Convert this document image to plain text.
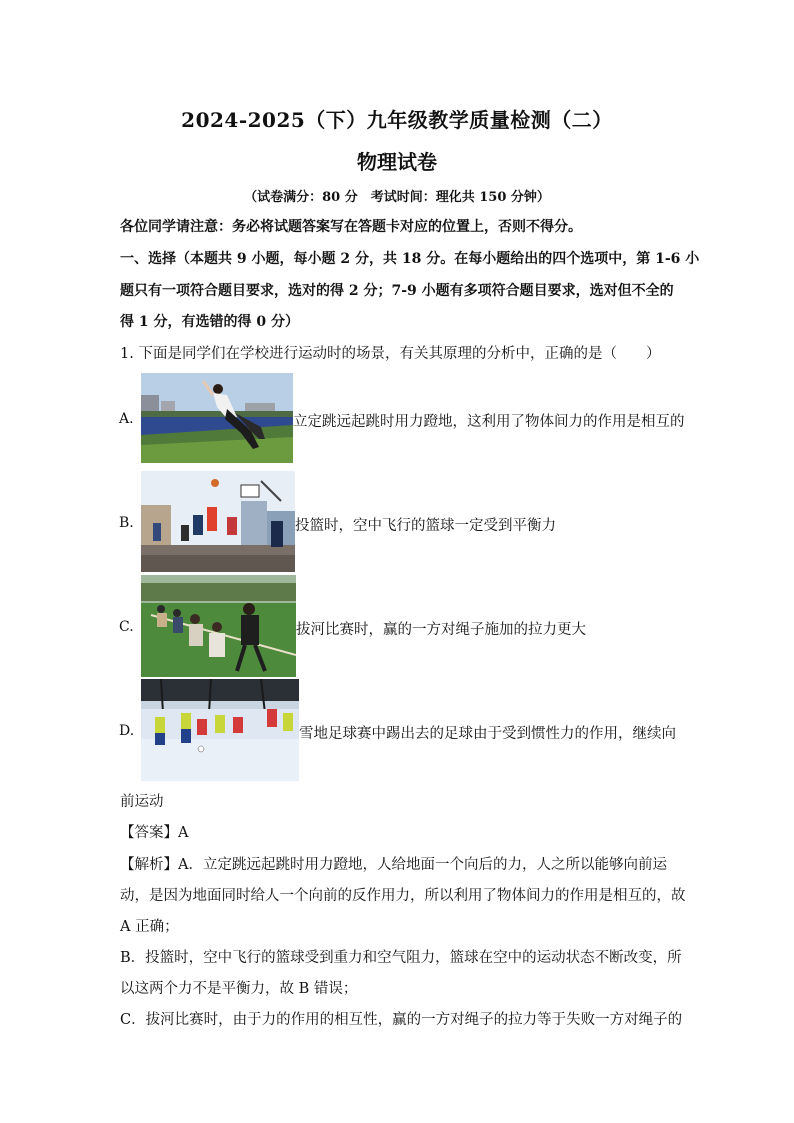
2024-2025（下）九年级教学质量检测（二）
物理试卷
（试卷满分：80 分　考试时间：理化共 150 分钟）
各位同学请注意：务必将试题答案写在答题卡对应的位置上，否则不得分。
一、选择（本题共 9 小题，每小题 2 分，共 18 分。在每小题给出的四个选项中，第 1-6 小
题只有一项符合题目要求，选对的得 2 分；7-9 小题有多项符合题目要求，选对但不全的
得 1 分，有选错的得 0 分）
1. 下面是同学们在学校进行运动时的场景，有关其原理的分析中，正确的是（　　）
A.	立定跳远起跳时用力蹬地，这利用了物体间力的作用是相互的
B.	投篮时，空中飞行的篮球一定受到平衡力
C.	拔河比赛时，赢的一方对绳子施加的拉力更大
D.	雪地足球赛中踢出去的足球由于受到惯性力的作用，继续向
前运动
【答案】A
【解析】A．立定跳远起跳时用力蹬地，人给地面一个向后的力，人之所以能够向前运
动，是因为地面同时给人一个向前的反作用力，所以利用了物体间力的作用是相互的，故
A 正确；
B．投篮时，空中飞行的篮球受到重力和空气阻力，篮球在空中的运动状态不断改变，所
以这两个力不是平衡力，故 B 错误；
C．拔河比赛时，由于力的作用的相互性，赢的一方对绳子的拉力等于失败一方对绳子的
